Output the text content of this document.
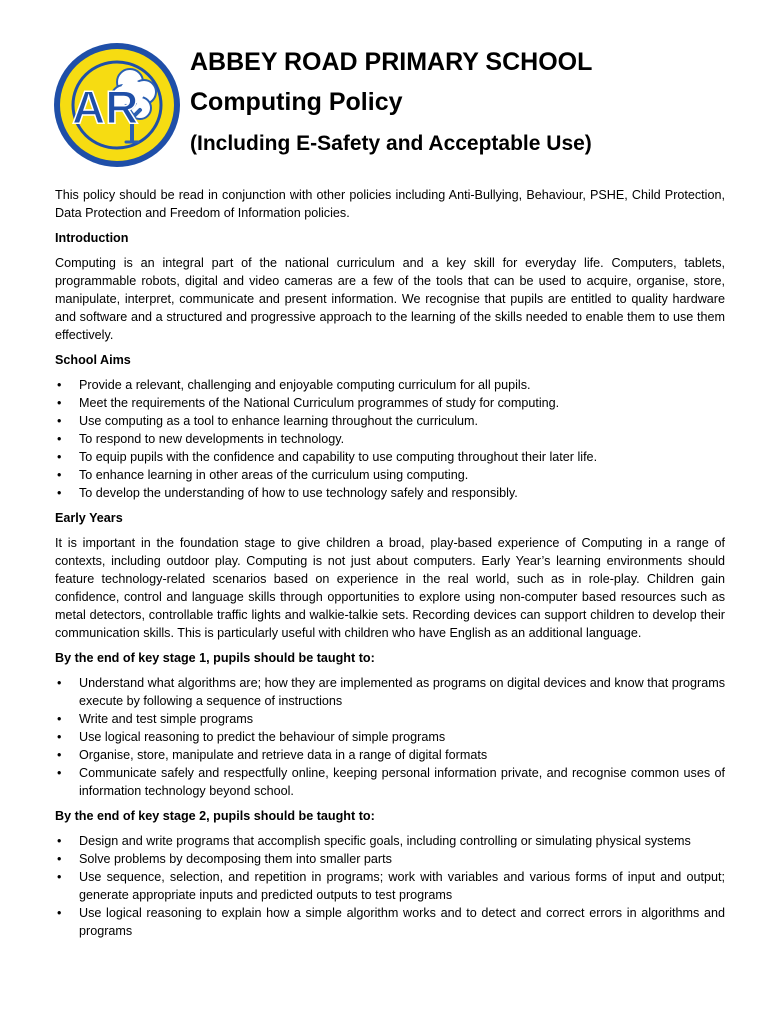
AR
ABBEY ROAD PRIMARY SCHOOL
Computing Policy
(Including E-Safety and Acceptable Use)

This policy should be read in conjunction with other policies including Anti-Bullying, Behaviour, PSHE, Child Protection, Data Protection and Freedom of Information policies.

Introduction

Computing is an integral part of the national curriculum and a key skill for everyday life. Computers, tablets, programmable robots, digital and video cameras are a few of the tools that can be used to acquire, organise, store, manipulate, interpret, communicate and present information. We recognise that pupils are entitled to quality hardware and software and a structured and progressive approach to the learning of the skills needed to enable them to use them effectively.

School Aims

• Provide a relevant, challenging and enjoyable computing curriculum for all pupils.
• Meet the requirements of the National Curriculum programmes of study for computing.
• Use computing as a tool to enhance learning throughout the curriculum.
• To respond to new developments in technology.
• To equip pupils with the confidence and capability to use computing throughout their later life.
• To enhance learning in other areas of the curriculum using computing.
• To develop the understanding of how to use technology safely and responsibly.

Early Years

It is important in the foundation stage to give children a broad, play-based experience of Computing in a range of contexts, including outdoor play. Computing is not just about computers. Early Year’s learning environments should feature technology-related scenarios based on experience in the real world, such as in role-play. Children gain confidence, control and language skills through opportunities to explore using non-computer based resources such as metal detectors, controllable traffic lights and walkie-talkie sets. Recording devices can support children to develop their communication skills. This is particularly useful with children who have English as an additional language.

By the end of key stage 1, pupils should be taught to:

• Understand what algorithms are; how they are implemented as programs on digital devices and know that programs execute by following a sequence of instructions
• Write and test simple programs
• Use logical reasoning to predict the behaviour of simple programs
• Organise, store, manipulate and retrieve data in a range of digital formats
• Communicate safely and respectfully online, keeping personal information private, and recognise common uses of information technology beyond school.

By the end of key stage 2, pupils should be taught to:

• Design and write programs that accomplish specific goals, including controlling or simulating physical systems
• Solve problems by decomposing them into smaller parts
• Use sequence, selection, and repetition in programs; work with variables and various forms of input and output; generate appropriate inputs and predicted outputs to test programs
• Use logical reasoning to explain how a simple algorithm works and to detect and correct errors in algorithms and programs
